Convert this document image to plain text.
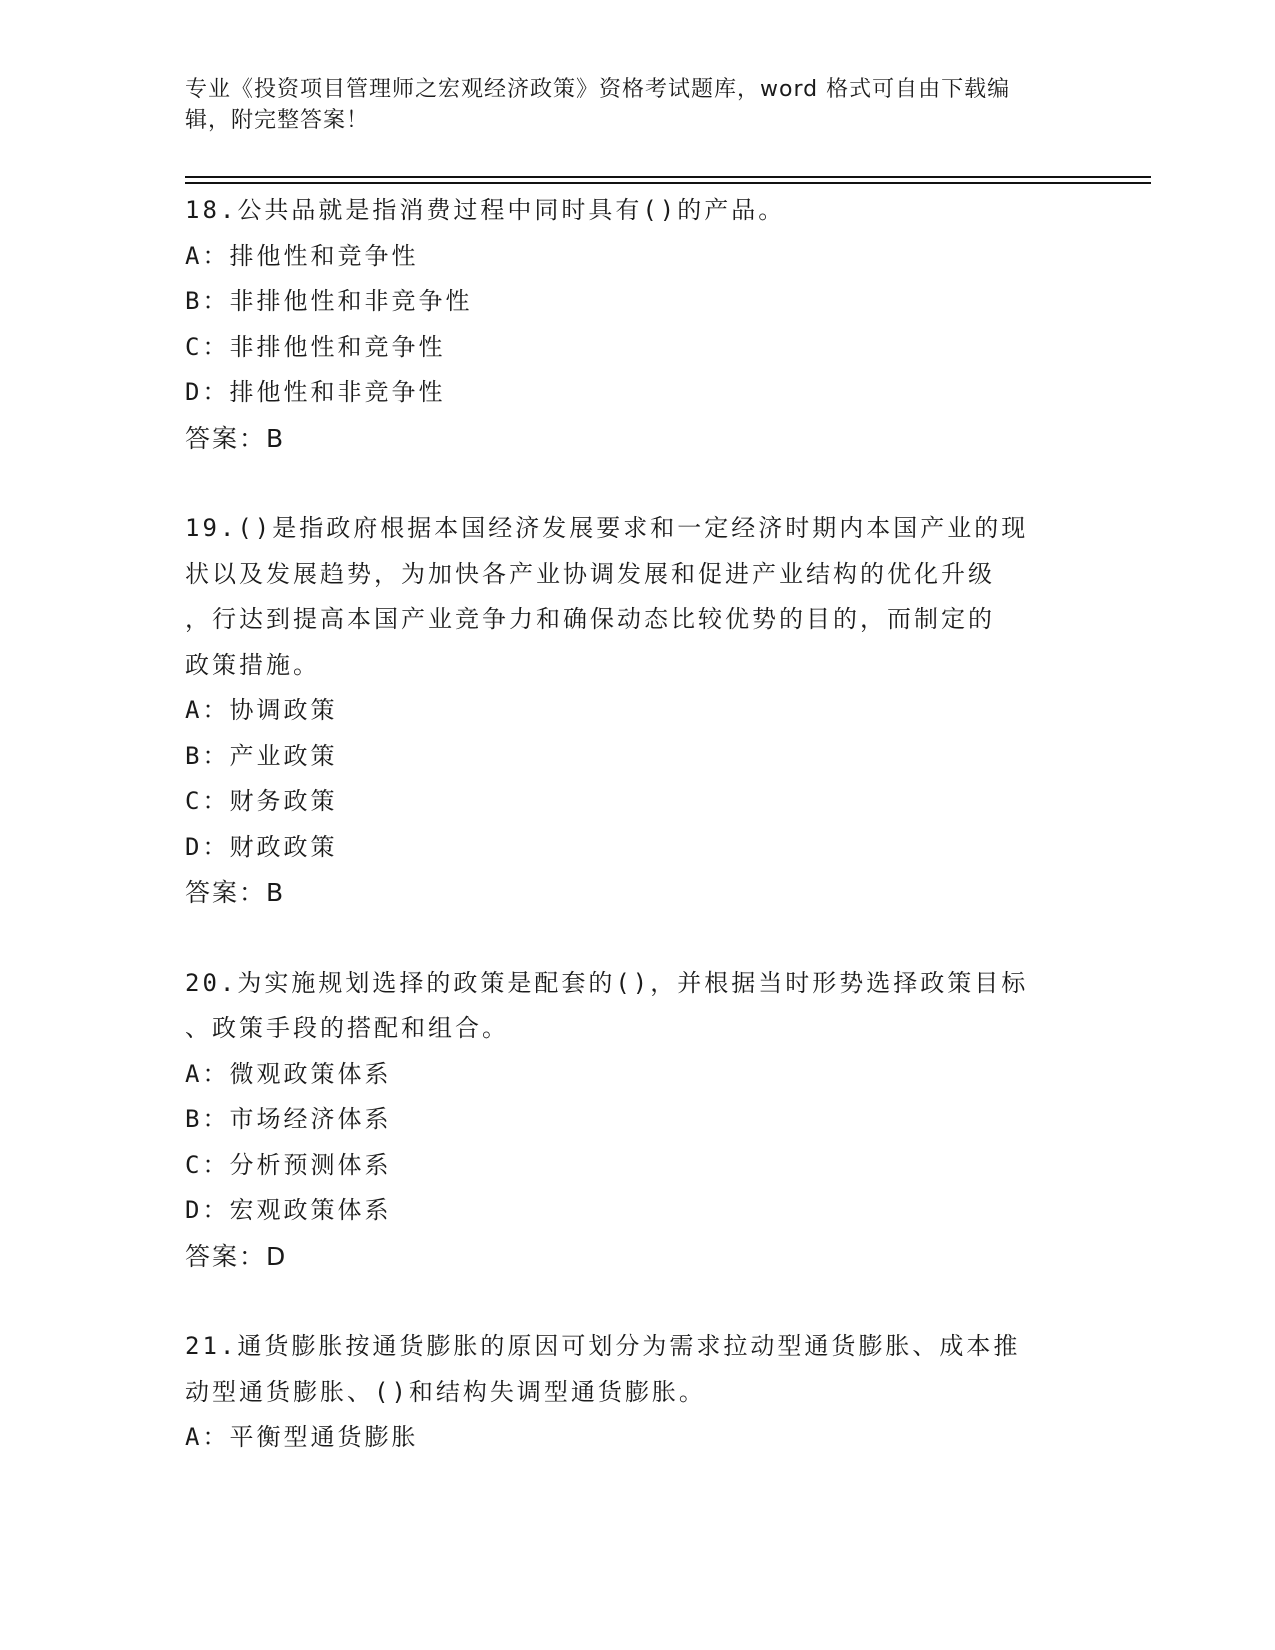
专业《投资项目管理师之宏观经济政策》资格考试题库，word 格式可自由下载编
辑，附完整答案！
18.公共品就是指消费过程中同时具有()的产品。
A：排他性和竞争性
B：非排他性和非竞争性
C：非排他性和竞争性
D：排他性和非竞争性
答案：B
19.()是指政府根据本国经济发展要求和一定经济时期内本国产业的现
状以及发展趋势，为加快各产业协调发展和促进产业结构的优化升级
，行达到提高本国产业竞争力和确保动态比较优势的目的，而制定的
政策措施。
A：协调政策
B：产业政策
C：财务政策
D：财政政策
答案：B
20.为实施规划选择的政策是配套的()，并根据当时形势选择政策目标
、政策手段的搭配和组合。
A：微观政策体系
B：市场经济体系
C：分析预测体系
D：宏观政策体系
答案：D
21.通货膨胀按通货膨胀的原因可划分为需求拉动型通货膨胀、成本推
动型通货膨胀、()和结构失调型通货膨胀。
A：平衡型通货膨胀
